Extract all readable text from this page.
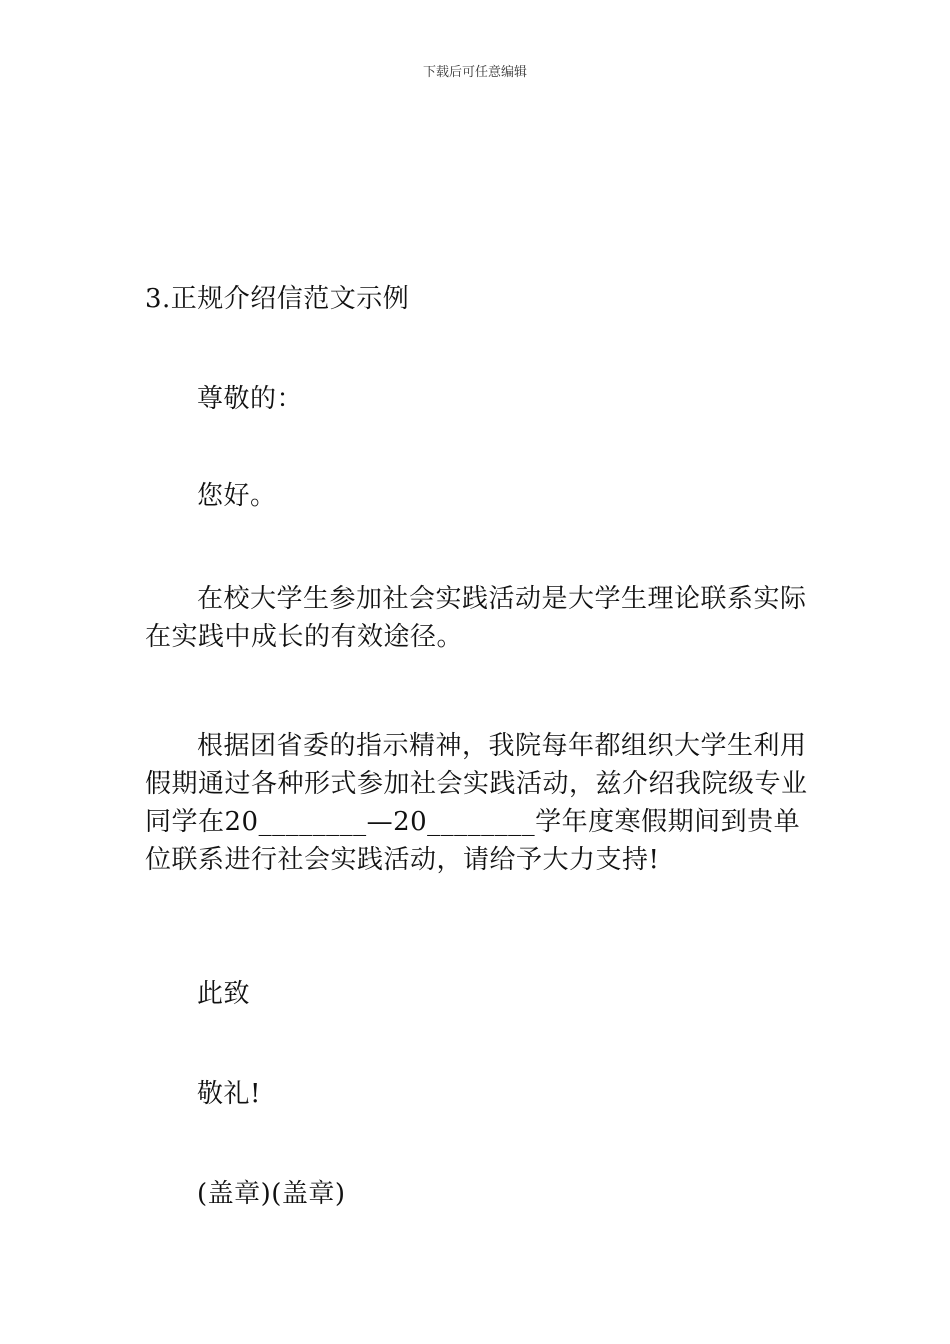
下载后可任意编辑

3.正规介绍信范文示例

尊敬的：

您好。

在校大学生参加社会实践活动是大学生理论联系实际在实践中成长的有效途径。

根据团省委的指示精神，我院每年都组织大学生利用假期通过各种形式参加社会实践活动，兹介绍我院级专业同学在20________—20________学年度寒假期间到贵单位联系进行社会实践活动，请给予大力支持!

此致

敬礼!

(盖章)(盖章)
